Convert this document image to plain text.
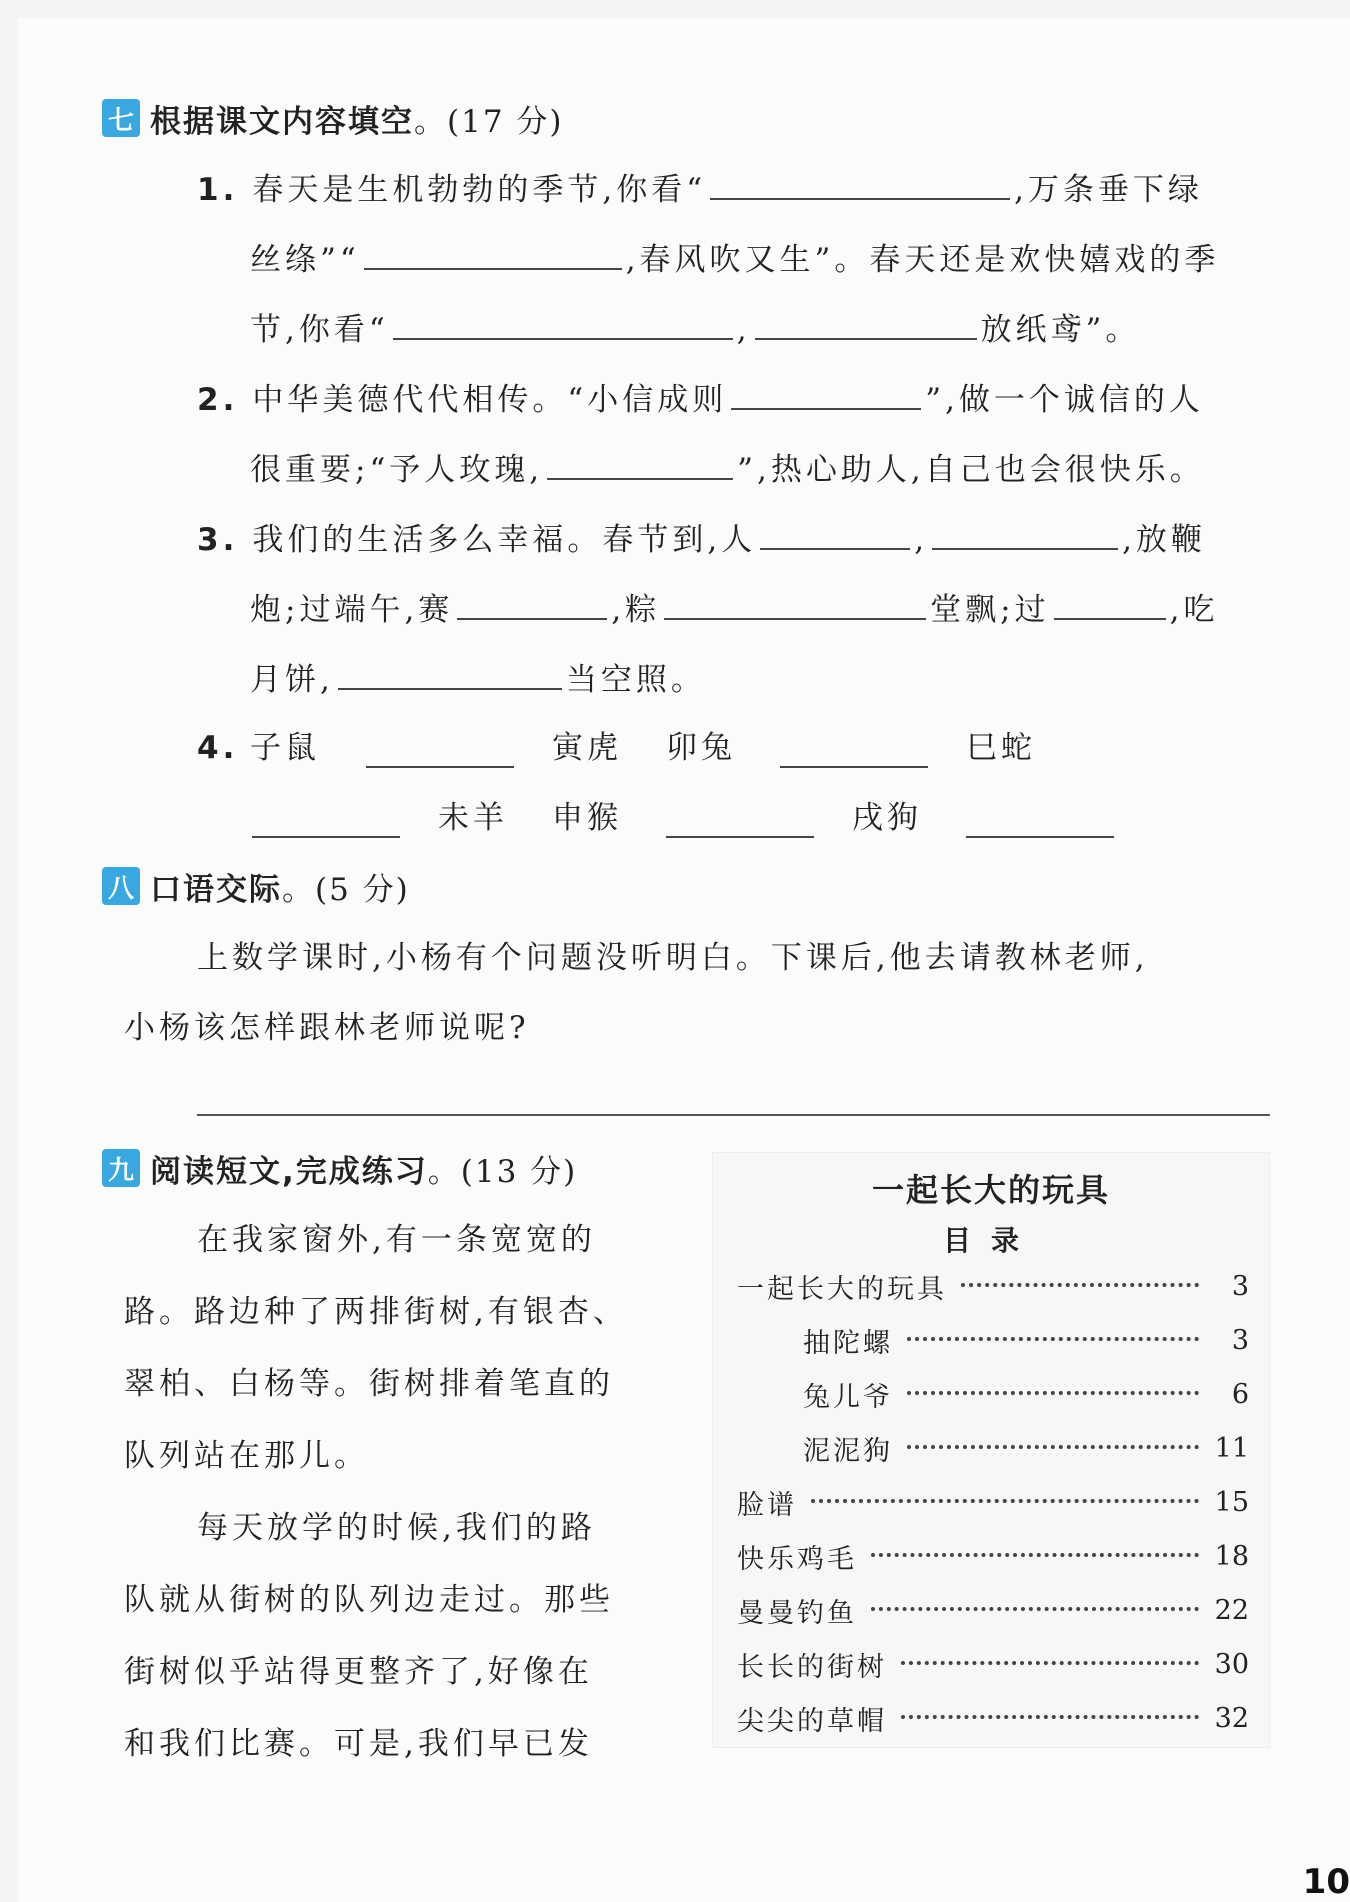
七 根据课文内容填空 。(17 分)
1. 春天是生机勃勃的季节,你看“	,万条垂下绿
丝绦”“	,春风吹又生”。春天还是欢快嬉戏的季
节,你看“	,	放纸鸢”。
2. 中华美德代代相传。“小信成则	”,做一个诚信的人
很重要;“予人玫瑰,	”,热心助人,自己也会很快乐。
3. 我们的生活多么幸福。春节到,人	,	,放鞭
炮;过端午,赛	,粽	堂飘;过	,吃
月饼,	当空照。
4. 子鼠	寅虎 卯兔	巳蛇
未羊 申猴	戌狗
八 口语交际 。(5 分)
上数学课时,小杨有个问题没听明白。下课后,他去请教林老师,
小杨该怎样跟林老师说呢?
九 阅读短文,完成练习 。(13 分)
在我家窗外,有一条宽宽的
路。路边种了两排街树,有银杏、
翠柏、白杨等。街树排着笔直的
队列站在那儿。
每天放学的时候,我们的路
队就从街树的队列边走过。那些
街树似乎站得更整齐了,好像在
和我们比赛。可是,我们早已发
一起长大的玩具
目录
一起长大的玩具	3
抽陀螺	3
兔儿爷	6
泥泥狗	11
脸谱	15
快乐鸡毛	18
曼曼钓鱼	22
长长的街树	30
尖尖的草帽	32
10
